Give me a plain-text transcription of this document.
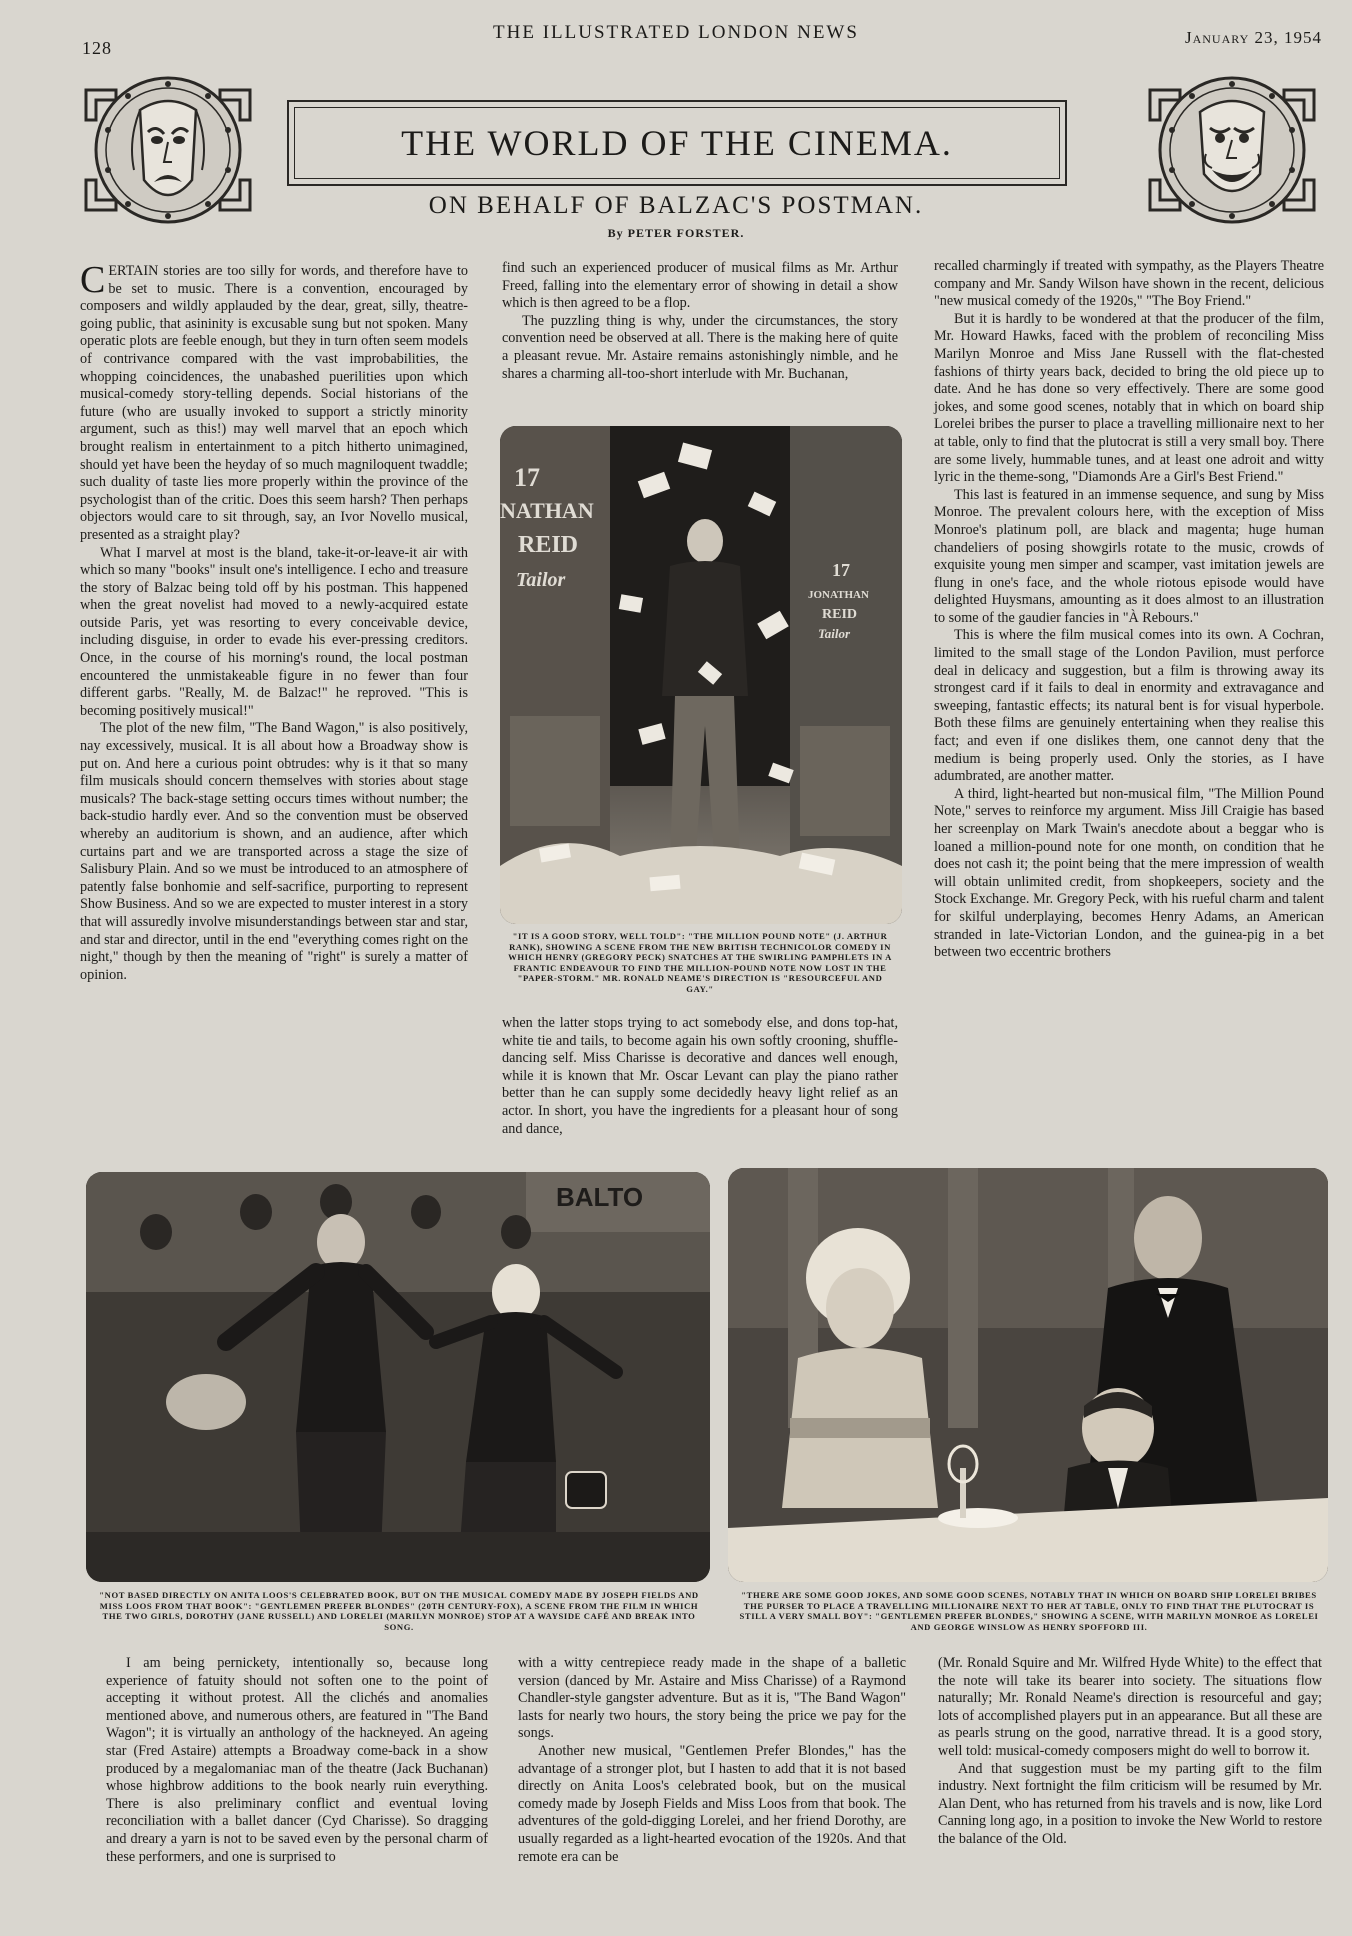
128
THE ILLUSTRATED LONDON NEWS	January 23, 1954
THE WORLD OF THE CINEMA.
ON BEHALF OF BALZAC'S POSTMAN.
By PETER FORSTER.

CERTAIN stories are too silly for words, and therefore have to be set to music. There is a convention, encouraged by composers and wildly applauded by the dear, great, silly, theatre-going public, that asininity is excusable sung but not spoken. Many operatic plots are feeble enough, but they in turn often seem models of contrivance compared with the vast improbabilities, the whopping coincidences, the unabashed puerilities upon which musical-comedy story-telling depends. Social historians of the future (who are usually invoked to support a strictly minority argument, such as this!) may well marvel that an epoch which brought realism in entertainment to a pitch hitherto unimagined, should yet have been the heyday of so much magniloquent twaddle; such duality of taste lies more properly within the province of the psychologist than of the critic. Does this seem harsh? Then perhaps objectors would care to sit through, say, an Ivor Novello musical, presented as a straight play?

What I marvel at most is the bland, take-it-or-leave-it air with which so many "books" insult one's intelligence. I echo and treasure the story of Balzac being told off by his postman. This happened when the great novelist had moved to a newly-acquired estate outside Paris, yet was resorting to every conceivable device, including disguise, in order to evade his ever-pressing creditors. Once, in the course of his morning's round, the local postman encountered the unmistakeable figure in no fewer than four different garbs. "Really, M. de Balzac!" he reproved. "This is becoming positively musical!"

The plot of the new film, "The Band Wagon," is also positively, nay excessively, musical. It is all about how a Broadway show is put on. And here a curious point obtrudes: why is it that so many film musicals should concern themselves with stories about stage musicals? The back-stage setting occurs times without number; the back-studio hardly ever. And so the convention must be observed whereby an auditorium is shown, and an audience, after which curtains part and we are transported across a stage the size of Salisbury Plain. And so we must be introduced to an atmosphere of patently false bonhomie and self-sacrifice, purporting to represent Show Business. And so we are expected to muster interest in a story that will assuredly involve misunderstandings between star and star, and star and director, until in the end "everything comes right on the night," though by then the meaning of "right" is surely a matter of opinion.

find such an experienced producer of musical films as Mr. Arthur Freed, falling into the elementary error of showing in detail a show which is then agreed to be a flop.

The puzzling thing is why, under the circumstances, the story convention need be observed at all. There is the making here of quite a pleasant revue. Mr. Astaire remains astonishingly nimble, and he shares a charming all-too-short interlude with Mr. Buchanan,

17
NATHAN
REID
Tailor	17
JONATHAN
REID
Tailor
"IT IS A GOOD STORY, WELL TOLD": "THE MILLION POUND NOTE" (J. ARTHUR RANK), SHOWING A SCENE FROM THE NEW BRITISH TECHNICOLOR COMEDY IN WHICH HENRY (GREGORY PECK) SNATCHES AT THE SWIRLING PAMPHLETS IN A FRANTIC ENDEAVOUR TO FIND THE MILLION-POUND NOTE NOW LOST IN THE "PAPER-STORM." MR. RONALD NEAME'S DIRECTION IS "RESOURCEFUL AND GAY."

when the latter stops trying to act somebody else, and dons top-hat, white tie and tails, to become again his own softly crooning, shuffle-dancing self. Miss Charisse is decorative and dances well enough, while it is known that Mr. Oscar Levant can play the piano rather better than he can supply some decidedly heavy light relief as an actor. In short, you have the ingredients for a pleasant hour of song and dance,

recalled charmingly if treated with sympathy, as the Players Theatre company and Mr. Sandy Wilson have shown in the recent, delicious "new musical comedy of the 1920s," "The Boy Friend."

But it is hardly to be wondered at that the producer of the film, Mr. Howard Hawks, faced with the problem of reconciling Miss Marilyn Monroe and Miss Jane Russell with the flat-chested fashions of thirty years back, decided to bring the old piece up to date. And he has done so very effectively. There are some good jokes, and some good scenes, notably that in which on board ship Lorelei bribes the purser to place a travelling millionaire next to her at table, only to find that the plutocrat is still a very small boy. There are some lively, hummable tunes, and at least one adroit and witty lyric in the theme-song, "Diamonds Are a Girl's Best Friend."

This last is featured in an immense sequence, and sung by Miss Monroe. The prevalent colours here, with the exception of Miss Monroe's platinum poll, are black and magenta; huge human chandeliers of posing showgirls rotate to the music, crowds of exquisite young men simper and scamper, vast imitation jewels are flung in one's face, and the whole riotous episode would have delighted Huysmans, amounting as it does almost to an illustration to some of the gaudier fancies in "À Rebours."

This is where the film musical comes into its own. A Cochran, limited to the small stage of the London Pavilion, must perforce deal in delicacy and suggestion, but a film is throwing away its strongest card if it fails to deal in enormity and extravagance and sweeping, fantastic effects; its natural bent is for visual hyperbole. Both these films are genuinely entertaining when they realise this fact; and even if one dislikes them, one cannot deny that the medium is being properly used. Only the stories, as I have adumbrated, are another matter.

A third, light-hearted but non-musical film, "The Million Pound Note," serves to reinforce my argument. Miss Jill Craigie has based her screenplay on Mark Twain's anecdote about a beggar who is loaned a million-pound note for one month, on condition that he does not cash it; the point being that the mere impression of wealth will obtain unlimited credit, from shopkeepers, society and the Stock Exchange. Mr. Gregory Peck, with his rueful charm and talent for skilful underplaying, becomes Henry Adams, an American stranded in late-Victorian London, and the guinea-pig in a bet between two eccentric brothers

BALTO
"NOT BASED DIRECTLY ON ANITA LOOS'S CELEBRATED BOOK, BUT ON THE MUSICAL COMEDY MADE BY JOSEPH FIELDS AND MISS LOOS FROM THAT BOOK": "GENTLEMEN PREFER BLONDES" (20TH CENTURY-FOX), A SCENE FROM THE FILM IN WHICH THE TWO GIRLS, DOROTHY (JANE RUSSELL) AND LORELEI (MARILYN MONROE) STOP AT A WAYSIDE CAFÉ AND BREAK INTO SONG.
"THERE ARE SOME GOOD JOKES, AND SOME GOOD SCENES, NOTABLY THAT IN WHICH ON BOARD SHIP LORELEI BRIBES THE PURSER TO PLACE A TRAVELLING MILLIONAIRE NEXT TO HER AT TABLE, ONLY TO FIND THAT THE PLUTOCRAT IS STILL A VERY SMALL BOY": "GENTLEMEN PREFER BLONDES," SHOWING A SCENE, WITH MARILYN MONROE AS LORELEI AND GEORGE WINSLOW AS HENRY SPOFFORD III.

I am being pernickety, intentionally so, because long experience of fatuity should not soften one to the point of accepting it without protest. All the clichés and anomalies mentioned above, and numerous others, are featured in "The Band Wagon"; it is virtually an anthology of the hackneyed. An ageing star (Fred Astaire) attempts a Broadway come-back in a show produced by a megalomaniac man of the theatre (Jack Buchanan) whose highbrow additions to the book nearly ruin everything. There is also preliminary conflict and eventual loving reconciliation with a ballet dancer (Cyd Charisse). So dragging and dreary a yarn is not to be saved even by the personal charm of these performers, and one is surprised to

with a witty centrepiece ready made in the shape of a balletic version (danced by Mr. Astaire and Miss Charisse) of a Raymond Chandler-style gangster adventure. But as it is, "The Band Wagon" lasts for nearly two hours, the story being the price we pay for the songs.

Another new musical, "Gentlemen Prefer Blondes," has the advantage of a stronger plot, but I hasten to add that it is not based directly on Anita Loos's celebrated book, but on the musical comedy made by Joseph Fields and Miss Loos from that book. The adventures of the gold-digging Lorelei, and her friend Dorothy, are usually regarded as a light-hearted evocation of the 1920s. And that remote era can be

(Mr. Ronald Squire and Mr. Wilfred Hyde White) to the effect that the note will take its bearer into society. The situations flow naturally; Mr. Ronald Neame's direction is resourceful and gay; lots of accomplished players put in an appearance. But all these are as pearls strung on the good, narrative thread. It is a good story, well told: musical-comedy composers might do well to borrow it.

And that suggestion must be my parting gift to the film industry. Next fortnight the film criticism will be resumed by Mr. Alan Dent, who has returned from his travels and is now, like Lord Canning long ago, in a position to invoke the New World to restore the balance of the Old.
